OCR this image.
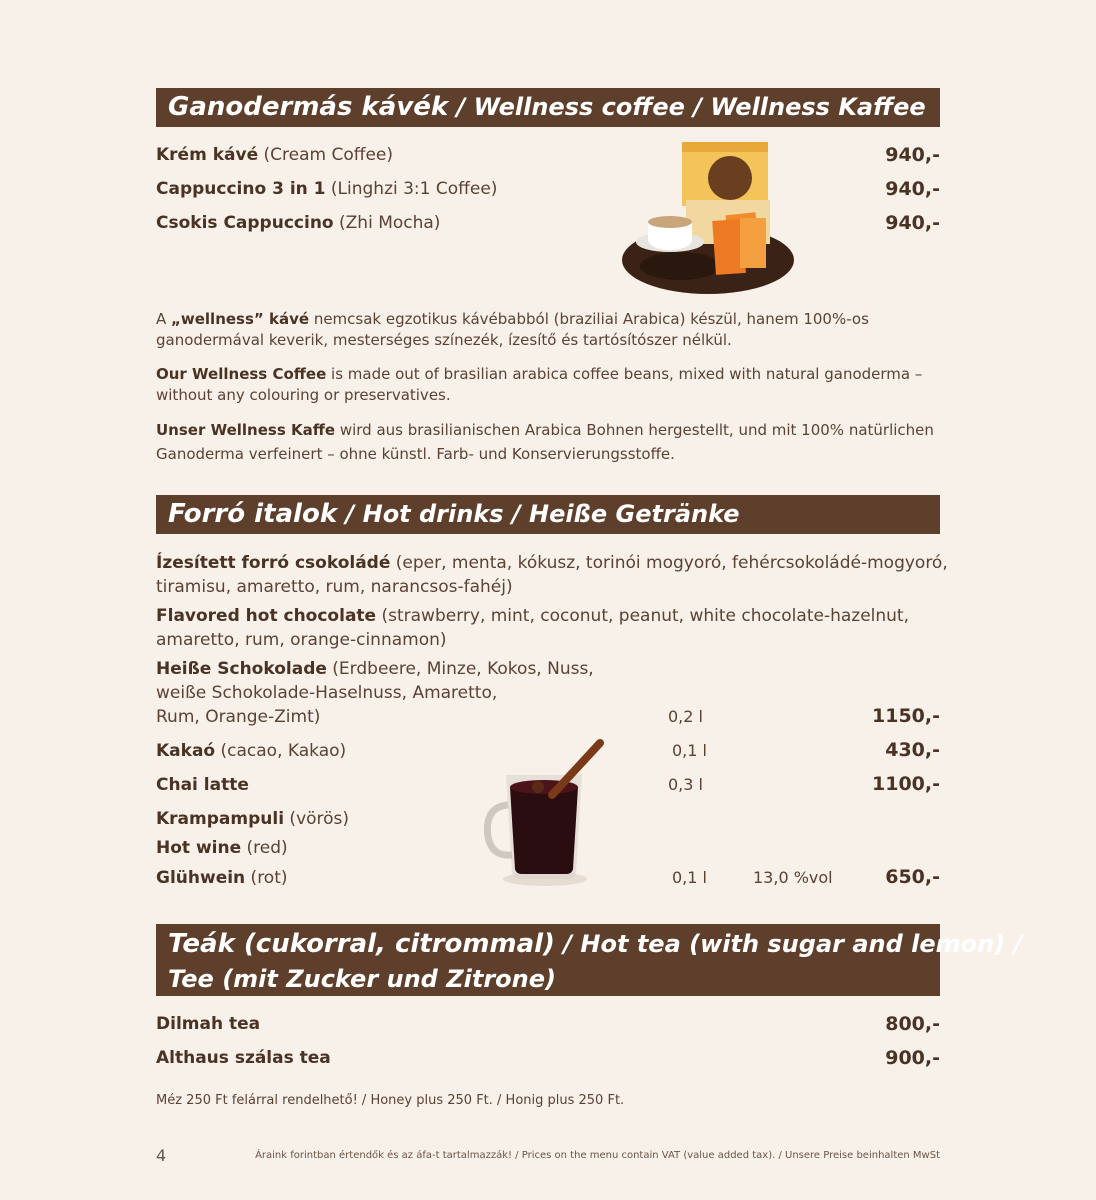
Ganodermás kávék / Wellness coffee / Wellness Kaffee
Krém kávé (Cream Coffee)	940,-
Cappuccino 3 in 1 (Linghzi 3:1 Coffee)	940,-
Csokis Cappuccino (Zhi Mocha)	940,-
A „wellness” kávé nemcsak egzotikus kávébabból (braziliai Arabica) készül, hanem 100%-os ganodermával keverik, mesterséges színezék, ízesítő és tartósítószer nélkül.
Our Wellness Coffee is made out of brasilian arabica coffee beans, mixed with natural ganoderma – without any colouring or preservatives.
Unser Wellness Kaffe wird aus brasilianischen Arabica Bohnen hergestellt, und mit 100% natürlichen Ganoderma verfeinert – ohne künstl. Farb- und Konservierungsstoffe.
Forró italok / Hot drinks / Heiße Getränke
Ízesített forró csokoládé (eper, menta, kókusz, torinói mogyoró, fehércsokoládé-mogyoró,
tiramisu, amaretto, rum, narancsos-fahéj)
Flavored hot chocolate (strawberry, mint, coconut, peanut, white chocolate-hazelnut,
amaretto, rum, orange-cinnamon)
Heiße Schokolade (Erdbeere, Minze, Kokos, Nuss,
weiße Schokolade-Haselnuss, Amaretto,
Rum, Orange-Zimt)	0,2 l	1150,-
Kakaó (cacao, Kakao)	0,1 l	430,-
Chai latte	0,3 l	1100,-
Krampampuli (vörös)
Hot wine (red)
Glühwein (rot)	0,1 l	13,0 %vol	650,-
Teák (cukorral, citrommal) / Hot tea (with sugar and lemon) /
Tee (mit Zucker und Zitrone)
Dilmah tea	800,-
Althaus szálas tea	900,-
Méz 250 Ft felárral rendelhető! / Honey plus 250 Ft. / Honig plus 250 Ft.
4	Áraink forintban értendők és az áfa-t tartalmazzák! / Prices on the menu contain VAT (value added tax). / Unsere Preise beinhalten MwSt
